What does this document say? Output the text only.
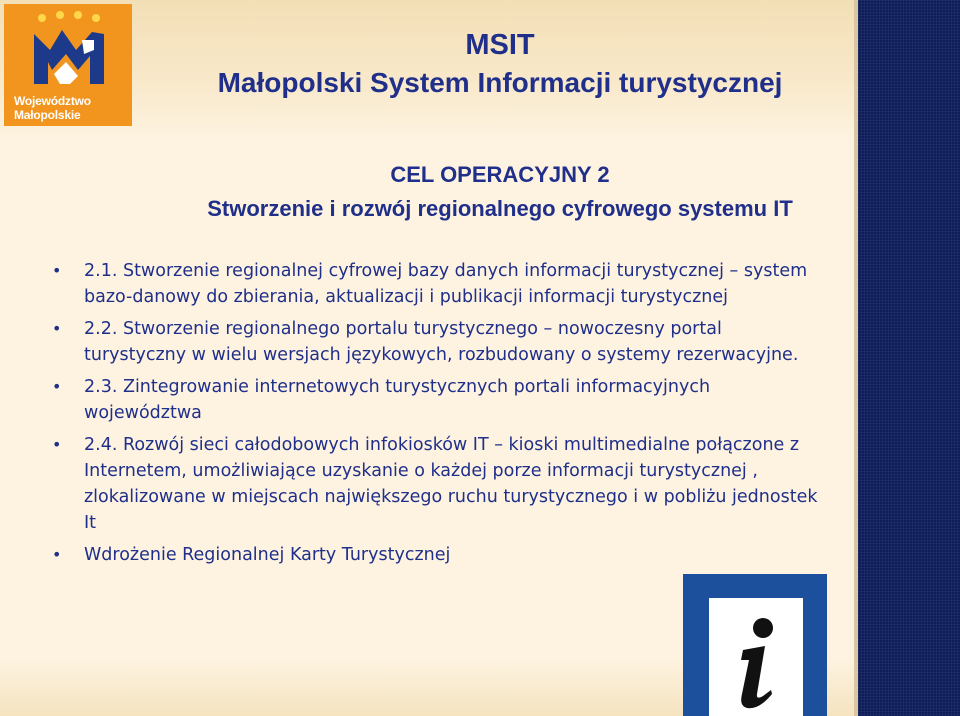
Województwo
Małopolskie
MSIT
Małopolski System Informacji turystycznej
CEL OPERACYJNY 2
Stworzenie i rozwój regionalnego cyfrowego systemu IT
• 2.1. Stworzenie regionalnej cyfrowej bazy danych informacji turystycznej – system bazo-danowy do zbierania, aktualizacji i publikacji informacji turystycznej
• 2.2. Stworzenie regionalnego portalu turystycznego – nowoczesny portal turystyczny w wielu wersjach językowych, rozbudowany o systemy rezerwacyjne.
• 2.3. Zintegrowanie internetowych turystycznych portali informacyjnych województwa
• 2.4. Rozwój sieci całodobowych infokiosków IT – kioski multimedialne połączone z Internetem, umożliwiające uzyskanie o każdej porze informacji turystycznej , zlokalizowane w miejscach największego ruchu turystycznego i w pobliżu jednostek It
• Wdrożenie Regionalnej Karty Turystycznej
